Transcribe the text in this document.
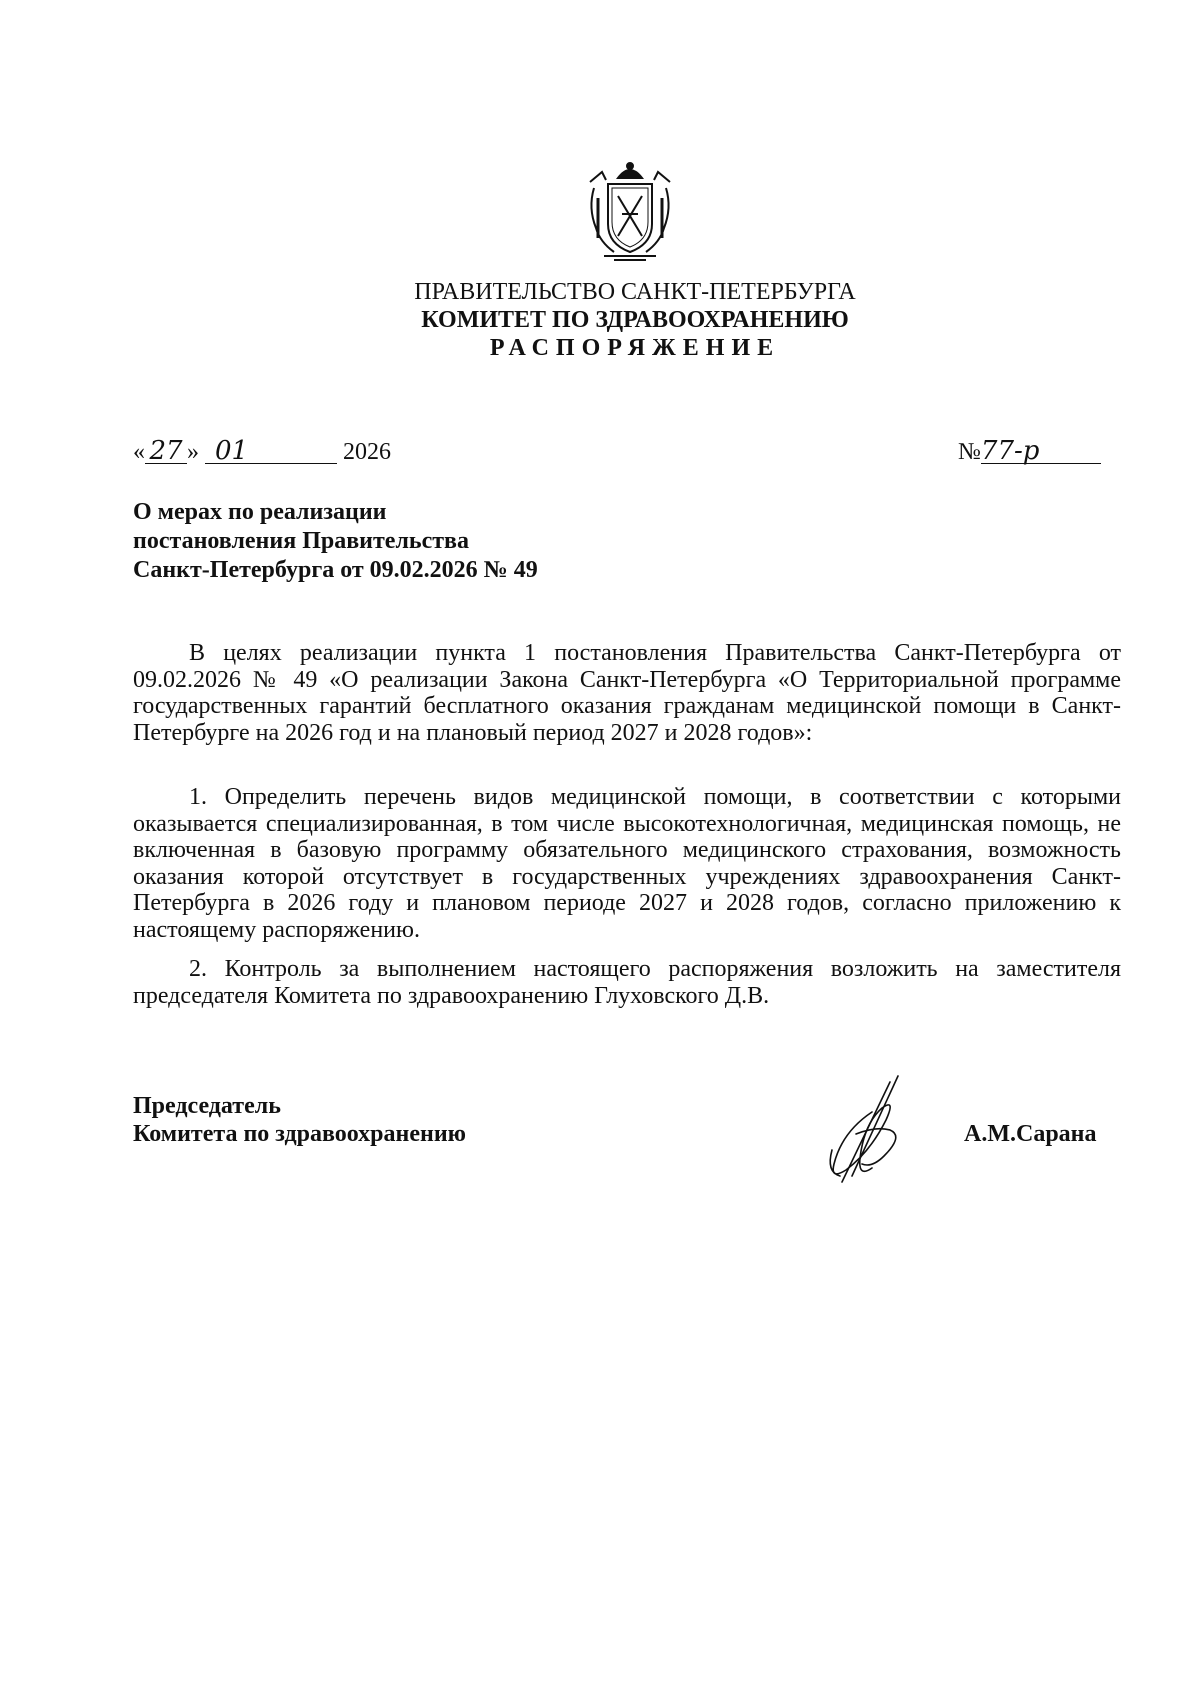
ПРАВИТЕЛЬСТВО САНКТ-ПЕТЕРБУРГА
КОМИТЕТ ПО ЗДРАВООХРАНЕНИЮ
РАСПОРЯЖЕНИЕ
« 27 » 01	2026	№77-р
О мерах по реализации
постановления Правительства
Санкт-Петербурга от 09.02.2026 № 49

В целях реализации пункта 1 постановления Правительства Санкт-Петербурга от 09.02.2026 № 49 «О реализации Закона Санкт-Петербурга «О Территориальной программе государственных гарантий бесплатного оказания гражданам медицинской помощи в Санкт-Петербурге на 2026 год и на плановый период 2027 и 2028 годов»:

1. Определить перечень видов медицинской помощи, в соответствии с которыми оказывается специализированная, в том числе высокотехнологичная, медицинская помощь, не включенная в базовую программу обязательного медицинского страхования, возможность оказания которой отсутствует в государственных учреждениях здравоохранения Санкт-Петербурга в 2026 году и плановом периоде 2027 и 2028 годов, согласно приложению к настоящему распоряжению.

2. Контроль за выполнением настоящего распоряжения возложить на заместителя председателя Комитета по здравоохранению Глуховского Д.В.

Председатель
Комитета по здравоохранению	А.М.Сарана
